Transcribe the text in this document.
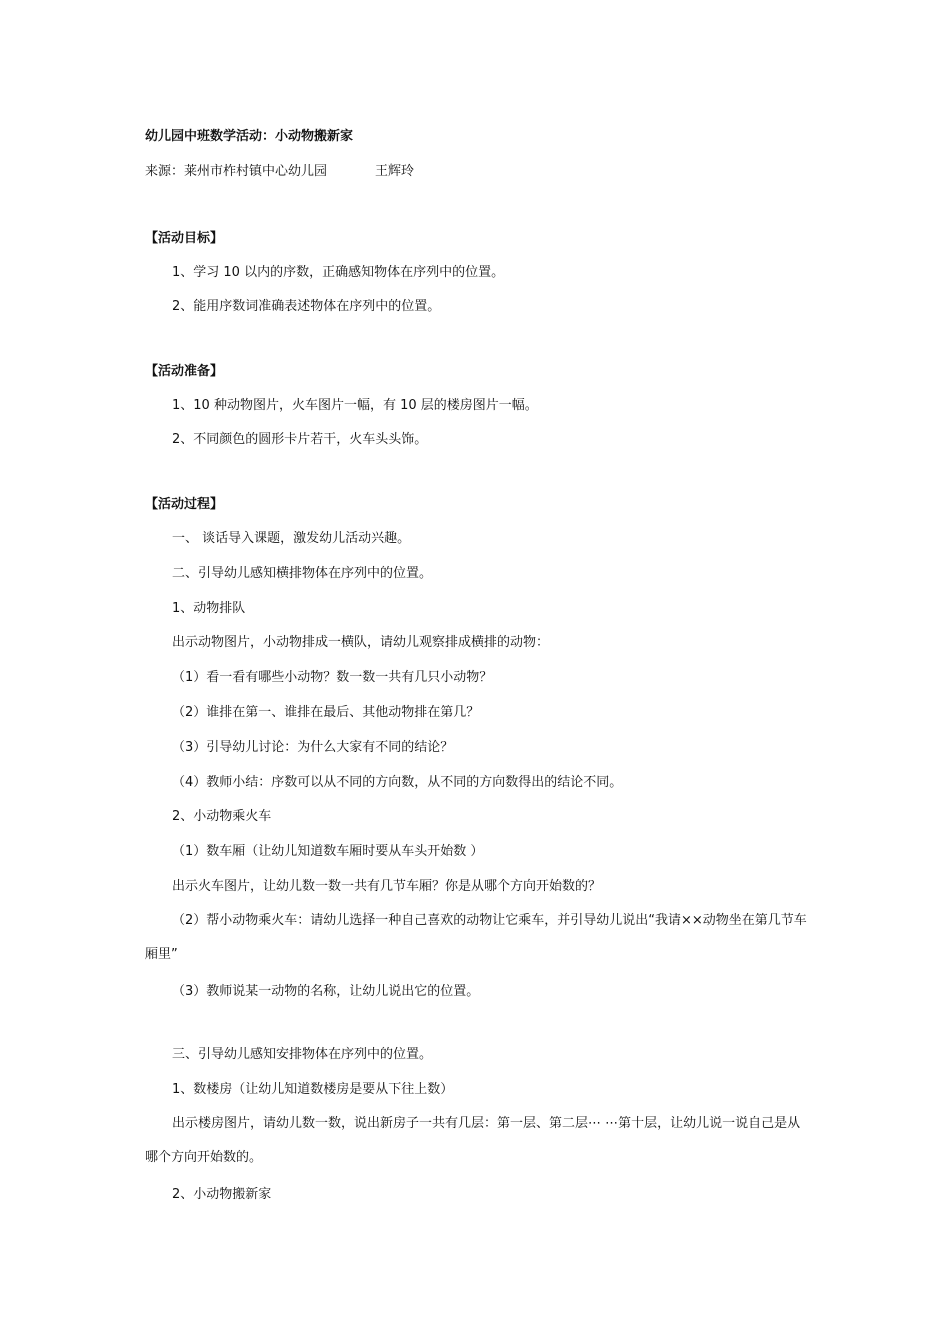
幼儿园中班数学活动：小动物搬新家
来源：莱州市柞村镇中心幼儿园	王辉玲
【活动目标】
1、学习 10 以内的序数，正确感知物体在序列中的位置。
2、能用序数词准确表述物体在序列中的位置。
【活动准备】
1、10 种动物图片，火车图片一幅，有 10 层的楼房图片一幅。
2、不同颜色的圆形卡片若干，火车头头饰。
【活动过程】
一、 谈话导入课题，激发幼儿活动兴趣。
二、引导幼儿感知横排物体在序列中的位置。
1、动物排队
出示动物图片，小动物排成一横队，请幼儿观察排成横排的动物：
（1）看一看有哪些小动物？数一数一共有几只小动物？
（2）谁排在第一、谁排在最后、其他动物排在第几？
（3）引导幼儿讨论：为什么大家有不同的结论？
（4）教师小结：序数可以从不同的方向数，从不同的方向数得出的结论不同。
2、小动物乘火车
（1）数车厢（让幼儿知道数车厢时要从车头开始数 ）
出示火车图片，让幼儿数一数一共有几节车厢？你是从哪个方向开始数的？
（2）帮小动物乘火车：请幼儿选择一种自己喜欢的动物让它乘车，并引导幼儿说出“我请××动物坐在第几节车厢里”
（3）教师说某一动物的名称，让幼儿说出它的位置。
三、引导幼儿感知安排物体在序列中的位置。
1、数楼房（让幼儿知道数楼房是要从下往上数）
出示楼房图片，请幼儿数一数，说出新房子一共有几层：第一层、第二层⋯ ⋯第十层，让幼儿说一说自己是从哪个方向开始数的。
2、小动物搬新家
